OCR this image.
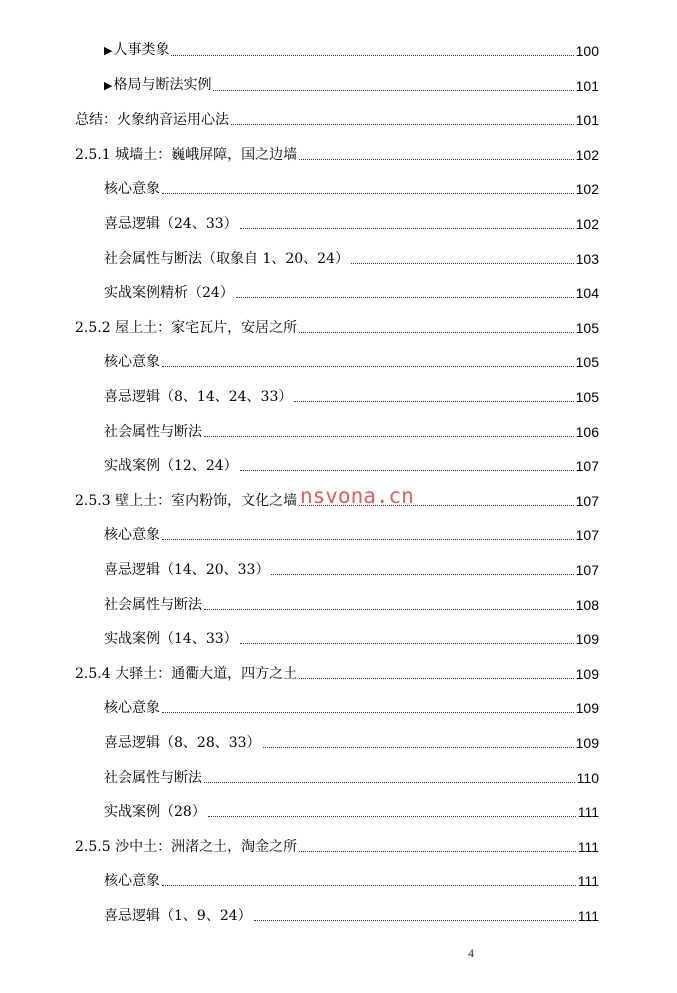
▶人事类象	100
▶格局与断法实例	101
总结：火象纳音运用心法	101
2.5.1 城墙土：巍峨屏障，国之边墙	102
核心意象	102
喜忌逻辑（24、33）	102
社会属性与断法（取象自 1、20、24）	103
实战案例精析（24）	104
2.5.2 屋上土：家宅瓦片，安居之所	105
核心意象	105
喜忌逻辑（8、14、24、33）	105
社会属性与断法	106
实战案例（12、24）	107
2.5.3 壁上土：室内粉饰，文化之墙	107
核心意象	107
喜忌逻辑（14、20、33）	107
社会属性与断法	108
实战案例（14、33）	109
2.5.4 大驿土：通衢大道，四方之土	109
核心意象	109
喜忌逻辑（8、28、33）	109
社会属性与断法	110
实战案例（28）	111
2.5.5 沙中土：洲渚之土，淘金之所	111
核心意象	111
喜忌逻辑（1、9、24）	111
nsvona.cn
4
